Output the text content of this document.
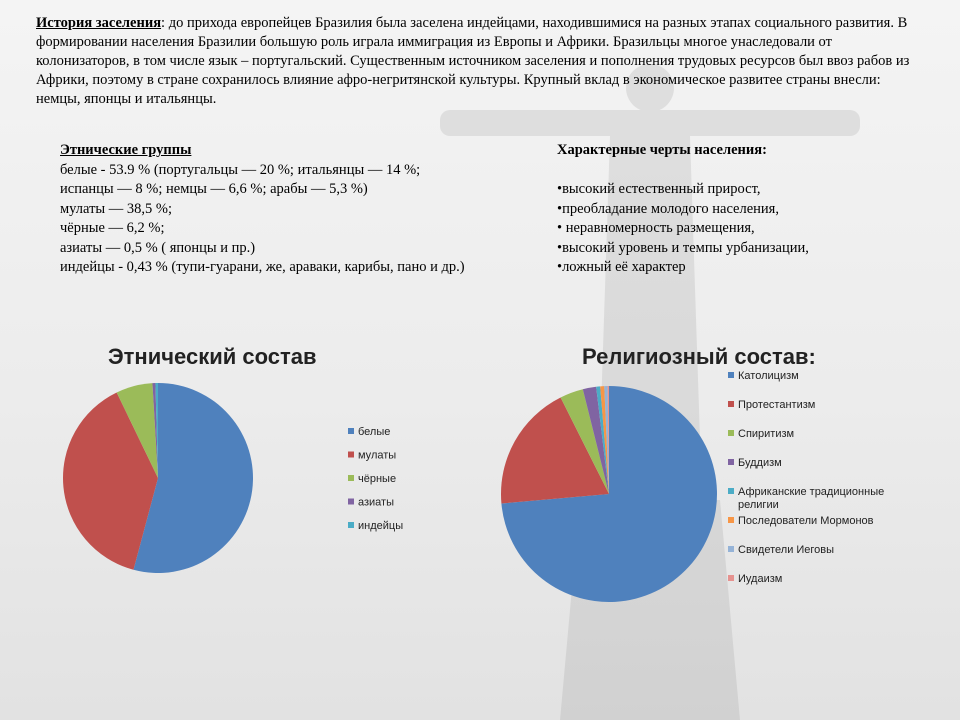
История заселения: до прихода европейцев Бразилия была заселена индейцами, находившимися на разных этапах социального развития. В формировании населения Бразилии большую роль играла иммиграция из Европы и Африки. Бразильцы многое унаследовали от колонизаторов, в том числе язык – португальский. Существенным источником заселения и пополнения трудовых ресурсов был ввоз рабов из Африки, поэтому в стране сохранилось влияние афро-негритянской культуры. Крупный вклад в экономическое развитее страны внесли: немцы, японцы и итальянцы.
Этнические группы

белые - 53.9 % (португальцы — 20 %; итальянцы — 14 %;

испанцы — 8 %; немцы — 6,6 %; арабы — 5,3 %)

мулаты — 38,5 %;

чёрные — 6,2 %;

азиаты — 0,5 % ( японцы и пр.)

индейцы - 0,43 % (тупи-гуарани, же, араваки, карибы, пано и др.)

Характерные черты населения:

•высокий естественный прирост,

•преобладание молодого населения,

• неравномерность размещения,

•высокий уровень и темпы урбанизации,

•ложный её характер

Этнический состав
белые
мулаты
чёрные
азиаты
индейцы
Религиозный состав:
Католицизм
Протестантизм
Спиритизм
Буддизм
Африканские традиционные религии
Последователи Мормонов
Свидетели Иеговы
Иудаизм
